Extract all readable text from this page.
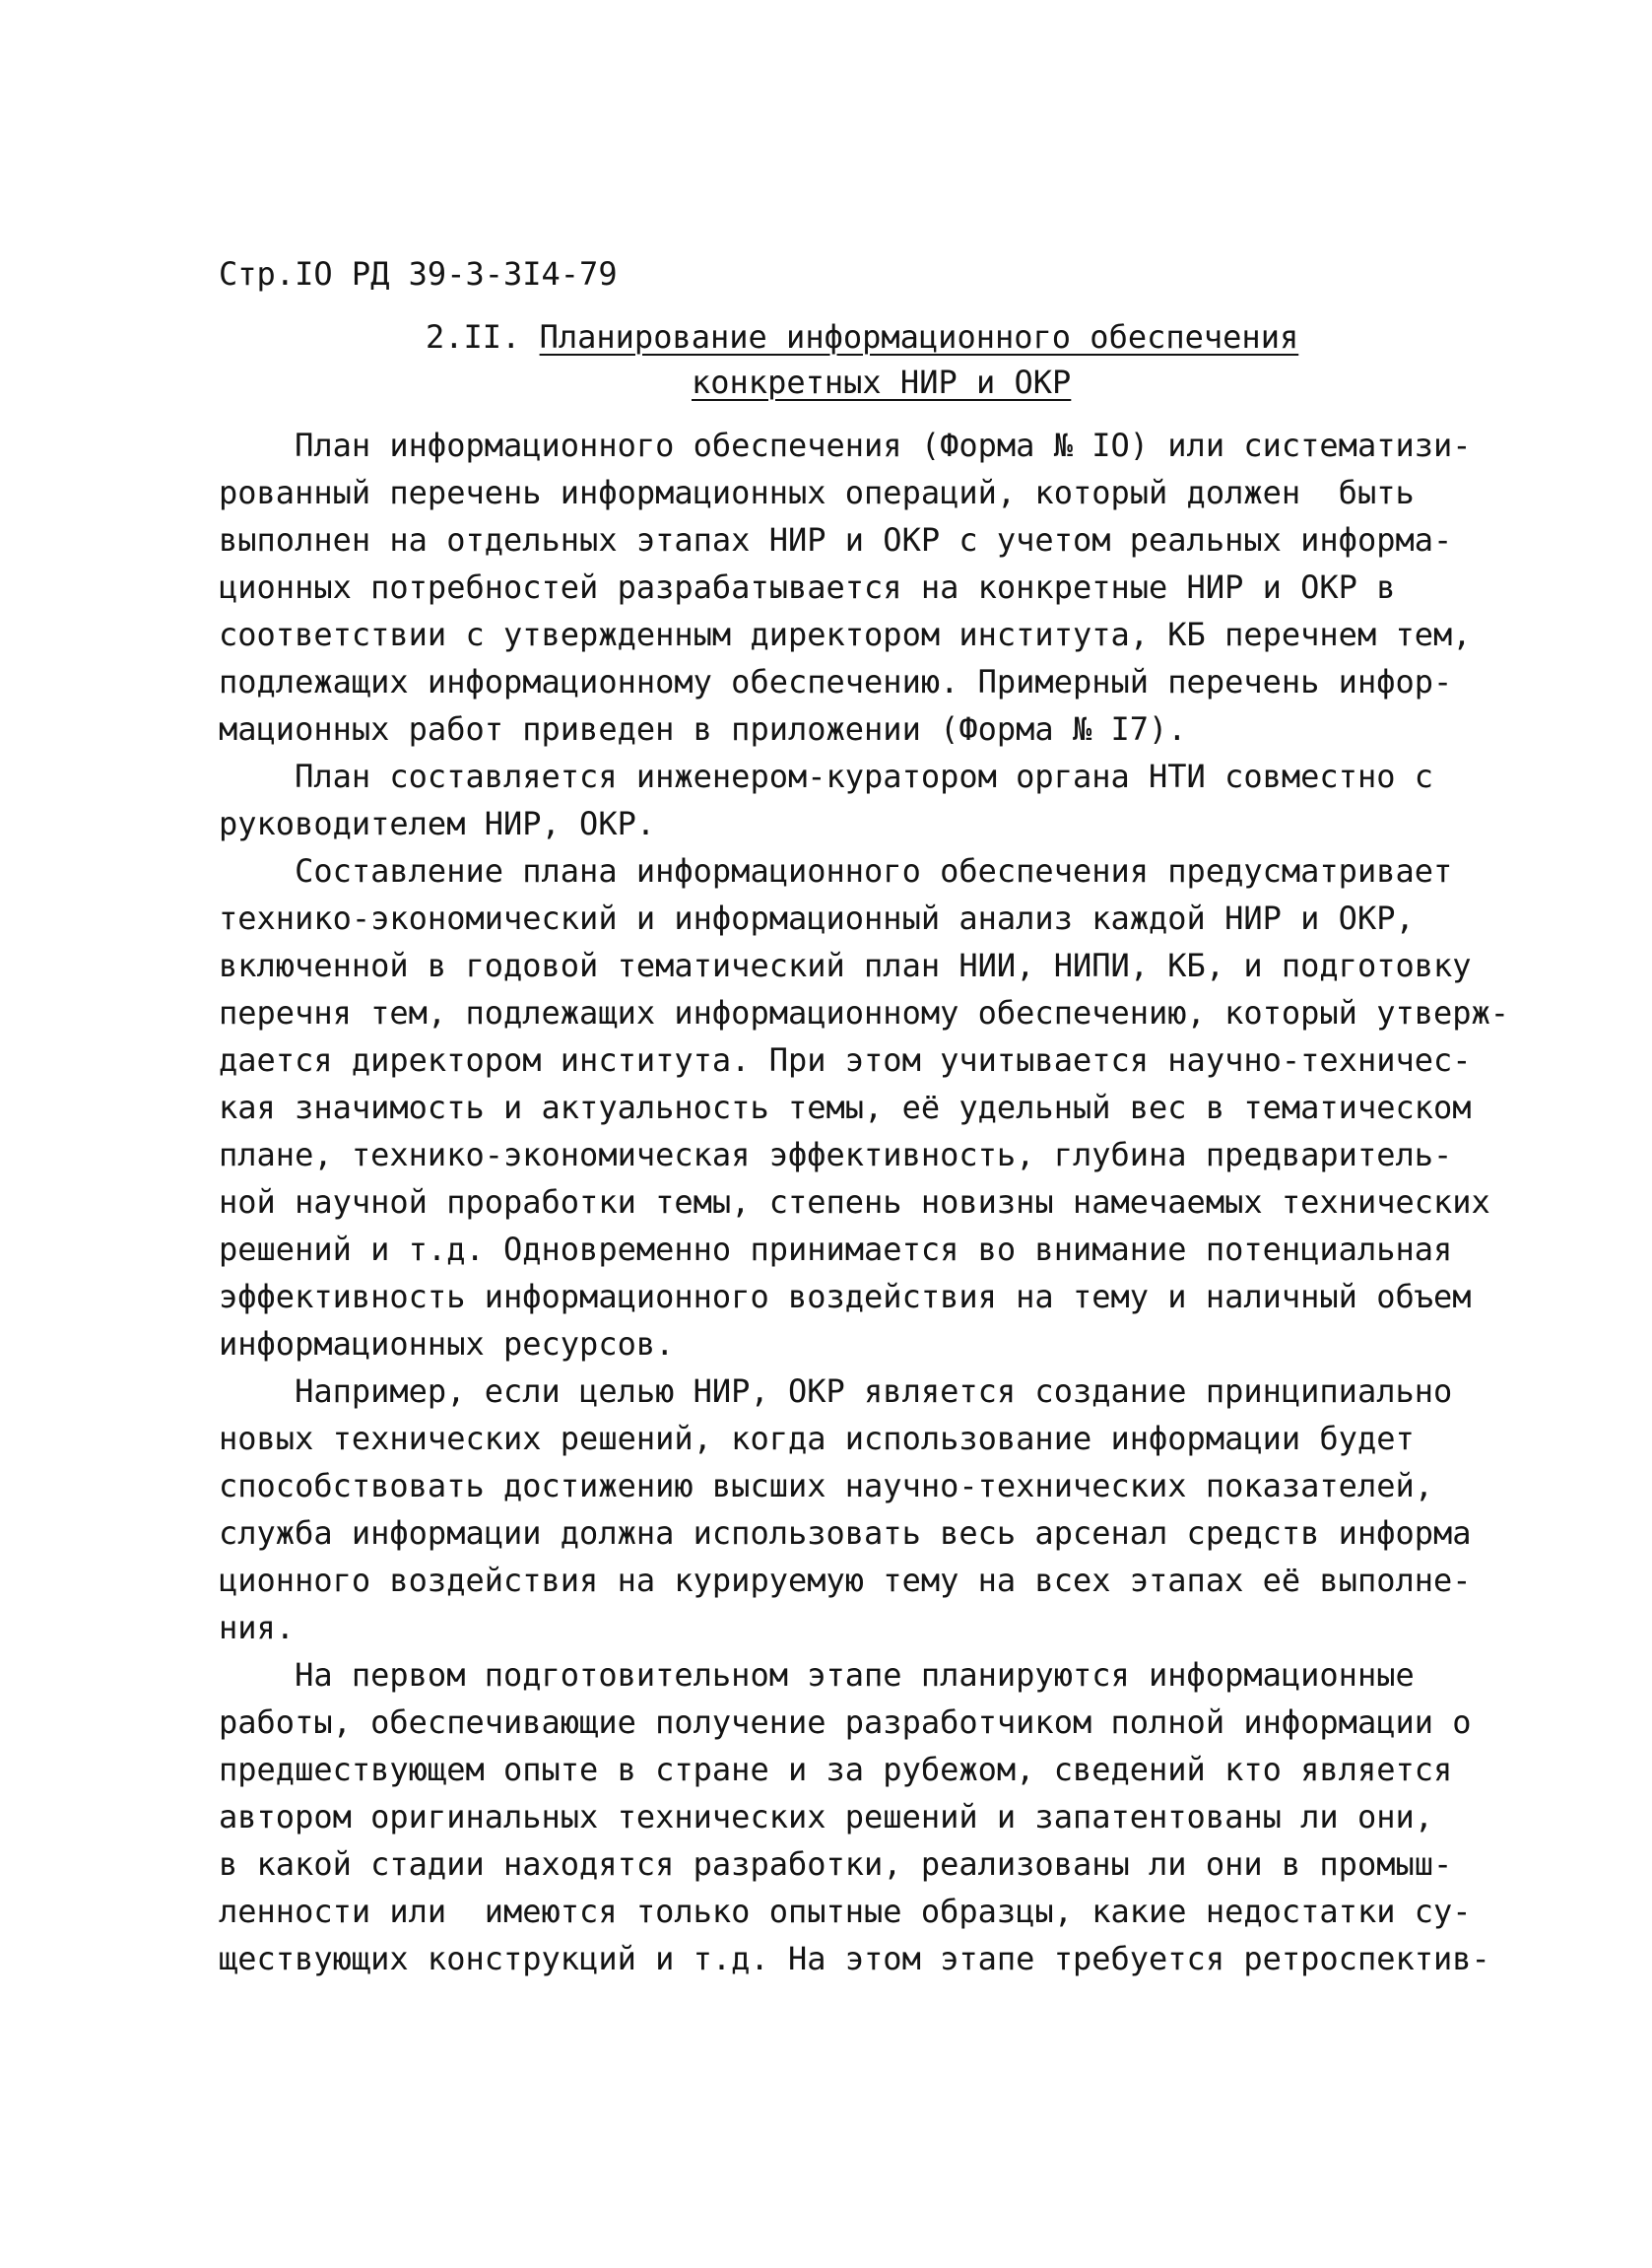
Стр.IO РД 39-3-3I4-79
2.II. Планирование информационного обеспечения
конкретных НИР и ОКР
План информационного обеспечения (Форма № IO) или систематизи-
рованный перечень информационных операций, который должен  быть
выполнен на отдельных этапах НИР и ОКР с учетом реальных информа-
ционных потребностей разрабатывается на конкретные НИР и ОКР в
соответствии с утвержденным директором института, КБ перечнем тем,
подлежащих информационному обеспечению. Примерный перечень инфор-
мационных работ приведен в приложении (Форма № I7).
План составляется инженером-куратором органа НТИ совместно с
руководителем НИР, ОКР.
Составление плана информационного обеспечения предусматривает
технико-экономический и информационный анализ каждой НИР и ОКР,
включенной в годовой тематический план НИИ, НИПИ, КБ, и подготовку
перечня тем, подлежащих информационному обеспечению, который утверж-
дается директором института. При этом учитывается научно-техничес-
кая значимость и актуальность темы, её удельный вес в тематическом
плане, технико-экономическая эффективность, глубина предваритель-
ной научной проработки темы, степень новизны намечаемых технических
решений и т.д. Одновременно принимается во внимание потенциальная
эффективность информационного воздействия на тему и наличный объем
информационных ресурсов.
Например, если целью НИР, ОКР является создание принципиально
новых технических решений, когда использование информации будет
способствовать достижению высших научно-технических показателей,
служба информации должна использовать весь арсенал средств информа
ционного воздействия на курируемую тему на всех этапах её выполне-
ния.
На первом подготовительном этапе планируются информационные
работы, обеспечивающие получение разработчиком полной информации о
предшествующем опыте в стране и за рубежом, сведений кто является
автором оригинальных технических решений и запатентованы ли они,
в какой стадии находятся разработки, реализованы ли они в промыш-
ленности или  имеются только опытные образцы, какие недостатки су-
ществующих конструкций и т.д. На этом этапе требуется ретроспектив-
